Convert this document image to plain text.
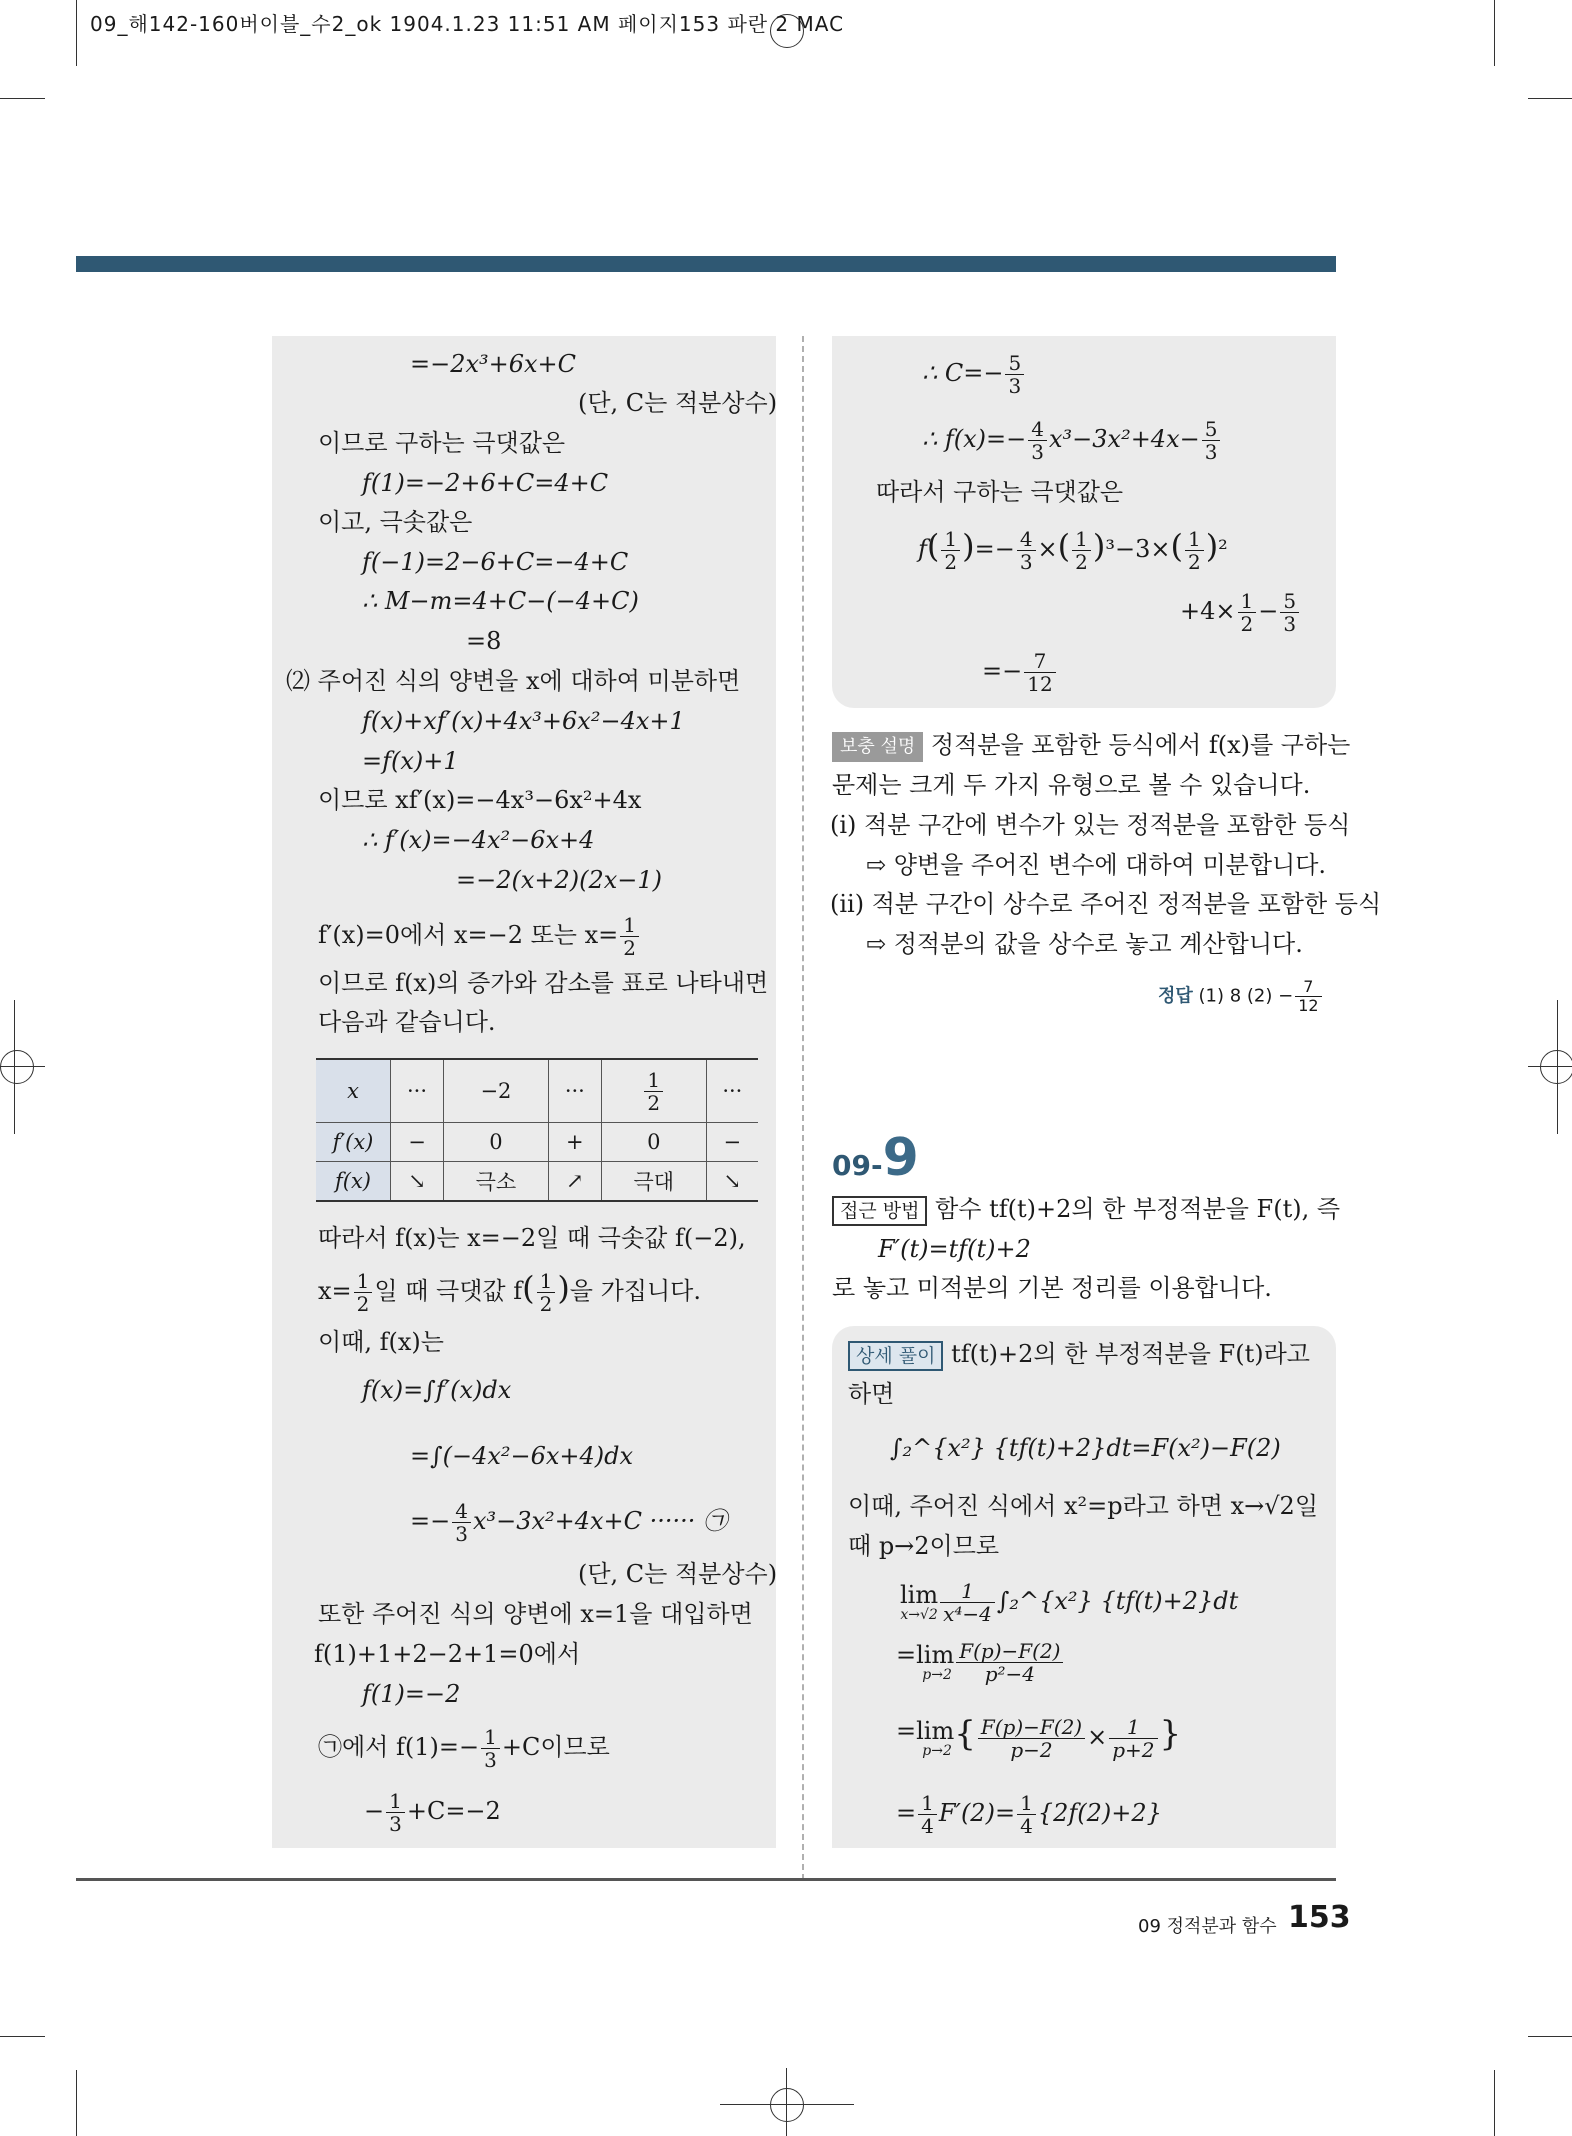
09_해142-160버이블_수2_ok 1904.1.23 11:51 AM 페이지153 파란 2 MAC
=−2x³+6x+C
(단, C는 적분상수)
이므로 구하는 극댓값은
f(1)=−2+6+C=4+C
이고, 극솟값은
f(−1)=2−6+C=−4+C
∴ M−m=4+C−(−4+C)
=8
⑵ 주어진 식의 양변을 x에 대하여 미분하면
f(x)+xf′(x)+4x³+6x²−4x+1
=f(x)+1
이므로 xf′(x)=−4x³−6x²+4x
∴ f′(x)=−4x²−6x+4
=−2(x+2)(2x−1)
f′(x)=0에서 x=−2 또는 $x= \frac{1}{2}$
이므로 f(x)의 증가와 감소를 표로 나타내면
다음과 같습니다.
x	···	−2	···	$\frac{1}{2}$	···
f′(x)	−	0	+	0	−
f(x)	↘	극소	↗	극대	↘
따라서 f(x)는 x=−2일 때 극솟값 f(−2),
$x= \frac{1}{2}$ 일 때 극댓값 $f( \frac{1}{2}$ )을 가집니다.
이때, f(x)는
f(x)=∫f′(x)dx
=∫(−4x²−6x+4)dx
=− $\frac{4}{3} x^3-3x^2+4x+C$ ······ ㉠
(단, C는 적분상수)
또한 주어진 식의 양변에 x=1을 대입하면
f(1)+1+2−2+1=0에서
f(1)=−2
㉠에서 $f(1)=- \frac{1}{3} +C$이므로
− $\frac{1}{3} +C=-2$
∴ $C=- \frac{5}{3}$
∴ $f(x)=- \frac{4}{3} x^3-3x^2+4x- \frac{5}{3}$
따라서 구하는 극댓값은
$f( \frac{1}{2}$ )=− $\frac{4}{3}$ ×( $\frac{1}{2} )^3-3\times( \frac{1}{2} )^2$
$+4\times \frac{1}{2} - \frac{5}{3}$
=− $\frac{7}{12}$
보충 설명 정적분을 포함한 등식에서 f(x)를 구하는
문제는 크게 두 가지 유형으로 볼 수 있습니다.
(ⅰ) 적분 구간에 변수가 있는 정적분을 포함한 등식
⇨ 양변을 주어진 변수에 대하여 미분합니다.
(ⅱ) 적분 구간이 상수로 주어진 정적분을 포함한 등식
⇨ 정적분의 값을 상수로 놓고 계산합니다.
정답 (1) 8 $(2) - \frac{7}{12}$
09-9
접근 방법 함수 tf(t)+2의 한 부정적분을 F(t), 즉
F′(t)=tf(t)+2
로 놓고 미적분의 기본 정리를 이용합니다.
상세 풀이 tf(t)+2의 한 부정적분을 F(t)라고
하면
∫₂^{x²} {tf(t)+2}dt=F(x²)−F(2)
이때, 주어진 식에서 x²=p라고 하면 x→√2일
때 p→2이므로
lim
$x\to√2 \frac{1}{\text{x⁴−4}}$ ∫₂^{x²} {tf(t)+2}dt
=lim
$p\to 2 \frac{F(p)-F(2)}{\text{p²−4}}$
=lim
p→2 { $\frac{F(p)-F(2)}{p-2} \times \frac{1}{p+2}$ }
= $\frac{1}{4} F'(2)= \frac{1}{4} \{2f(2)+2\}$
09 정적분과 함수 153
